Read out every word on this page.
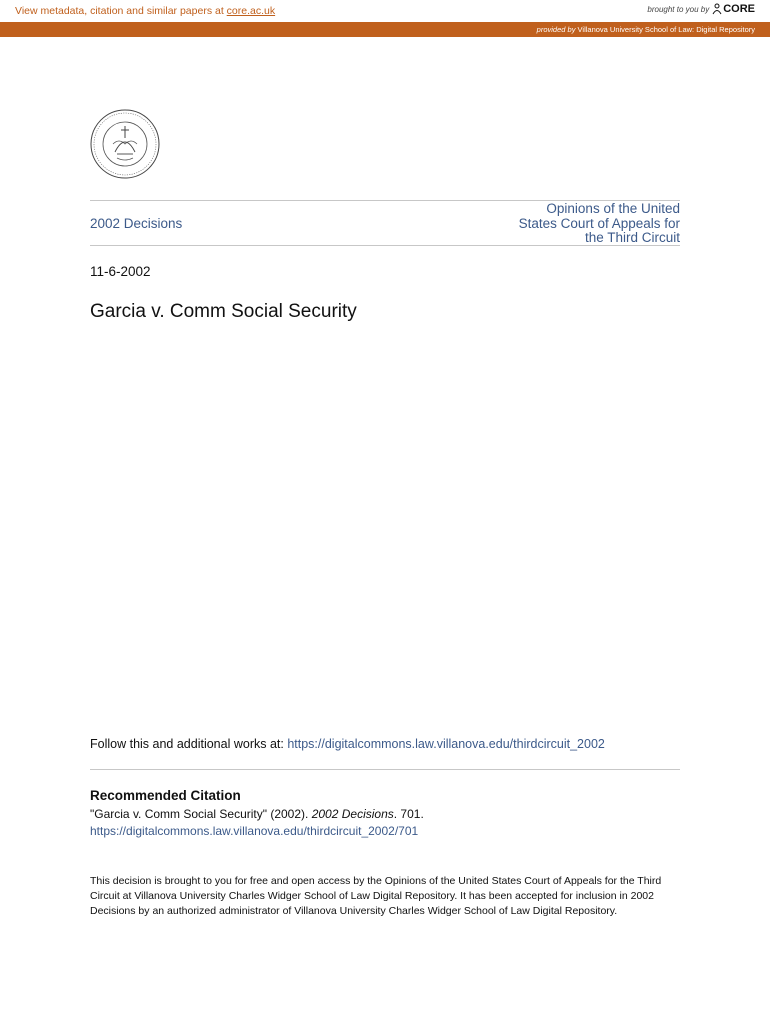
View metadata, citation and similar papers at core.ac.uk	brought to you by CORE
provided by Villanova University School of Law: Digital Repository
2002 Decisions
Opinions of the United States Court of Appeals for the Third Circuit
11-6-2002
Garcia v. Comm Social Security
Follow this and additional works at: https://digitalcommons.law.villanova.edu/thirdcircuit_2002
Recommended Citation
"Garcia v. Comm Social Security" (2002). 2002 Decisions. 701.
https://digitalcommons.law.villanova.edu/thirdcircuit_2002/701
This decision is brought to you for free and open access by the Opinions of the United States Court of Appeals for the Third Circuit at Villanova University Charles Widger School of Law Digital Repository. It has been accepted for inclusion in 2002 Decisions by an authorized administrator of Villanova University Charles Widger School of Law Digital Repository.
